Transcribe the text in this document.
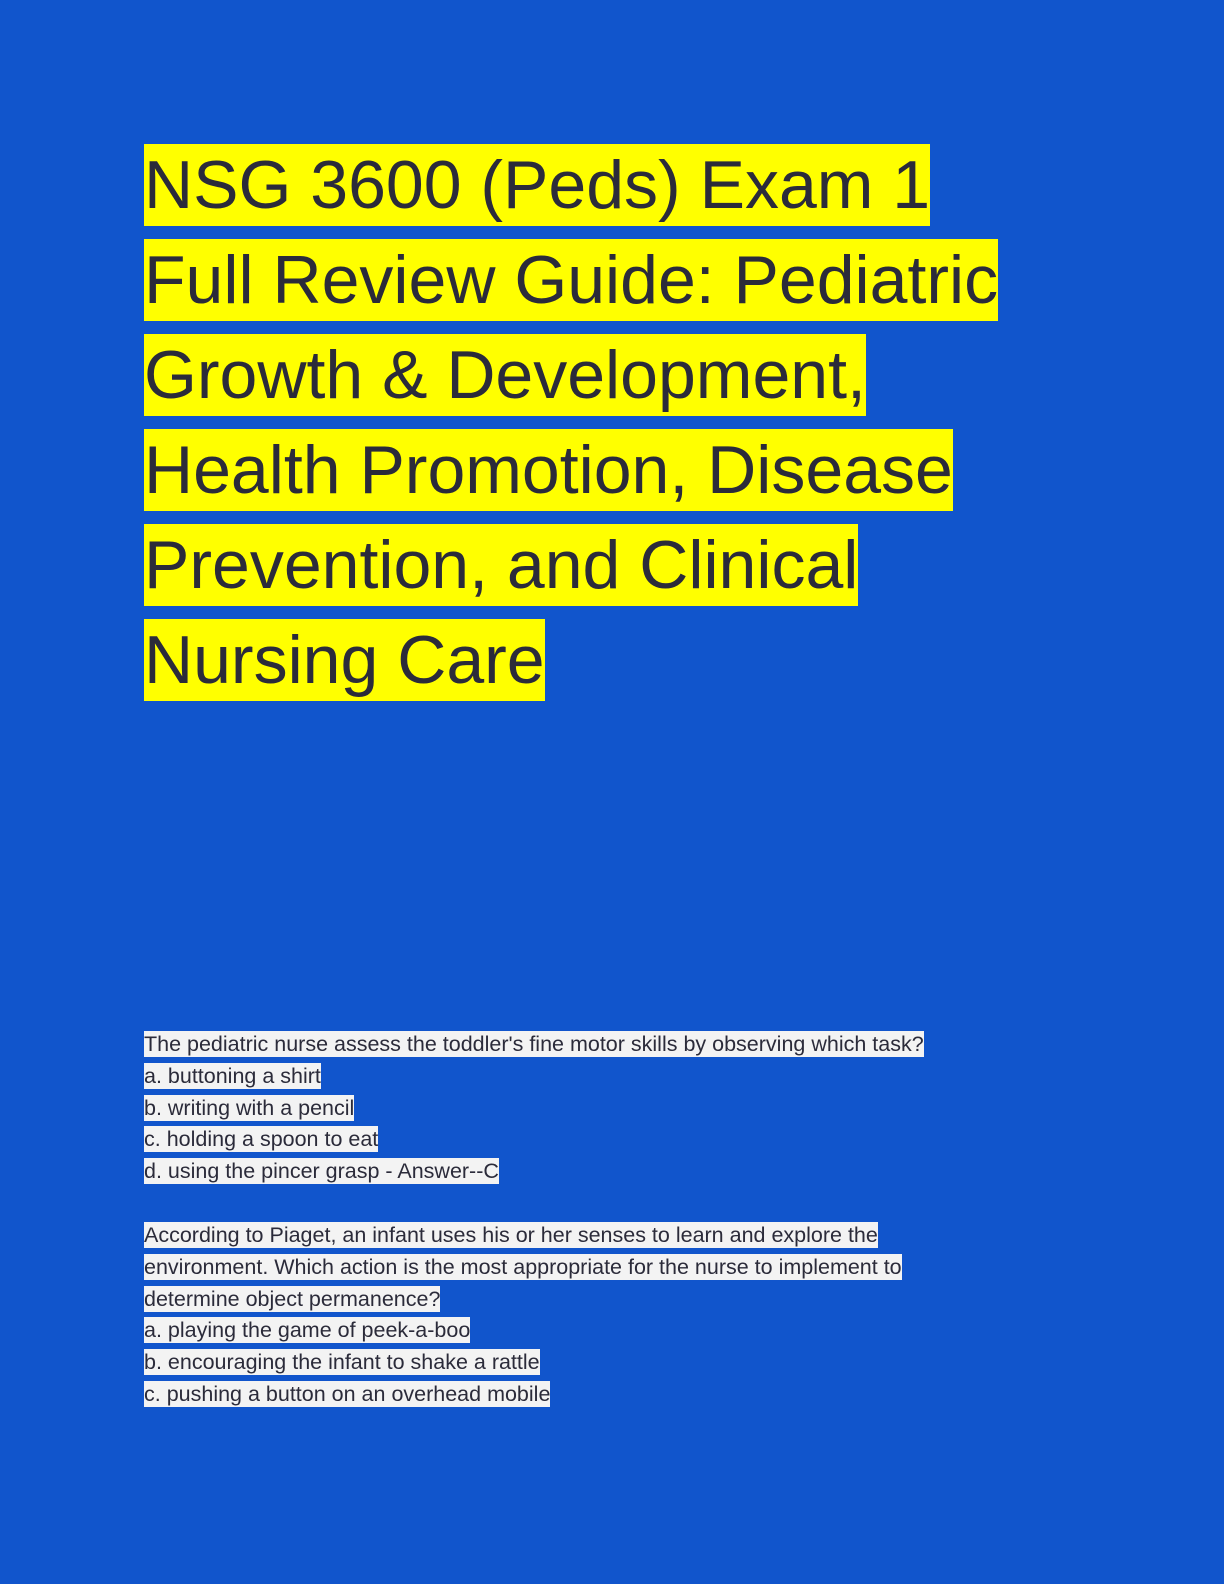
NSG 3600 (Peds) Exam 1
Full Review Guide: Pediatric
Growth & Development,
Health Promotion, Disease
Prevention, and Clinical
Nursing Care
The pediatric nurse assess the toddler's fine motor skills by observing which task?
a. buttoning a shirt
b. writing with a pencil
c. holding a spoon to eat
d. using the pincer grasp - Answer--C
According to Piaget, an infant uses his or her senses to learn and explore the
environment. Which action is the most appropriate for the nurse to implement to
determine object permanence?
a. playing the game of peek-a-boo
b. encouraging the infant to shake a rattle
c. pushing a button on an overhead mobile
